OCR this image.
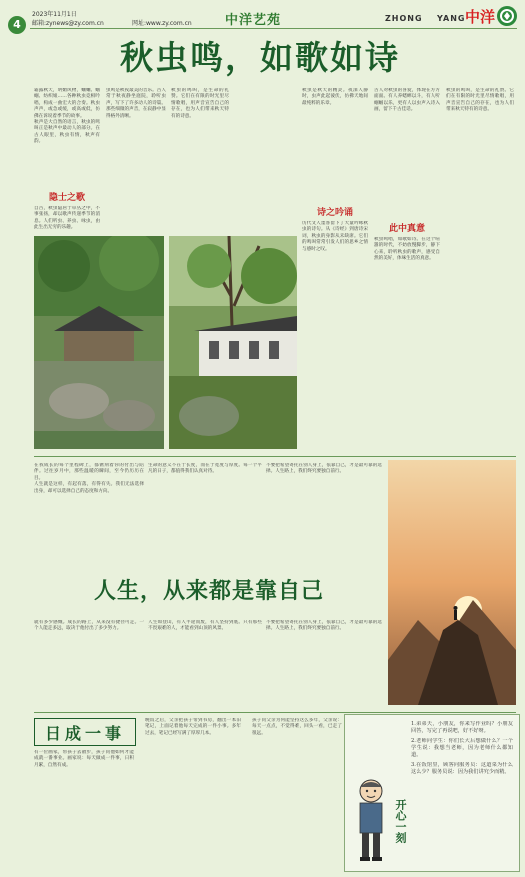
4
2023年11月1日
邮箱:zynews@zy.com.cn	网址:www.zy.com.cn	中洋艺苑	ZHONG YANG 中洋
秋虫鸣，如歌如诗

霜露秋天，明媚风物，蛐蛐、蝈蝈、纺织娘……各种秋虫竞相吟唱，构成一曲宏大的合奏。秋虫声声，或急或缓，或高或低，仿佛在诉说着季节的故事。

秋声是大自然的语言，秋虫的鸣叫正是秋声中最动人的部分。在古人眼里，秋虫有情，秋声有韵。

隐士之歌

自古，秋虫隐居于草丛之中，不事张扬，却以歌声传递季节的消息。人们听虫、养虫、咏虫，由此生出无穷的乐趣。

虫鸣是秋夜最美的音乐。古人常于秋夜静坐庭院，聆听虫声，写下了许多动人的诗篇。那些细微的声音，在寂静中显得格外清晰。

秋虫的鸣叫，是生命的礼赞。它们在有限的时光里尽情歌唱，用声音宣告自己的存在，也为人们带来秋天特有的诗意。

秋虫是秋天的精灵。夜深人静时，虫声此起彼伏，仿佛天地间最纯粹的乐章。

诗之吟诵

历代文人墨客留下了大量吟咏秋虫的诗句。从《诗经》到唐诗宋词，秋虫的身影从未缺席。它们的鸣叫常常引发人们的思乡之情与感时之叹。

古人对秋虫的喜爱，体现在方方面面。有人养蟋蟀以斗，有人听蝈蝈以乐，更有人以虫声入诗入画，留下千古佳话。

此中真意

秋虫鸣唱，如歌如诗。在这个喧嚣的时代，不妨放慢脚步，静下心来，聆听秋虫的歌声，感受自然的美好，体味生活的真意。

秋虫的鸣叫，是生命的礼赞。它们在有限的时光里尽情歌唱，用声音宣告自己的存在，也为人们带来秋天特有的诗意。

在我成长的每个里程碑上，都镌刻着你的付出与陪伴。过往岁月中，那些温暖的瞬间，至今仍历历在目。

人生就是这样，有起有落，有得有失。我们无法选择出身，却可以选择自己的态度和方向。

生命的意义不在于长度，而在于宽度与厚度。每一个平凡的日子，都值得我们认真对待。

不要把希望寄托在别人身上，依靠自己，才是最可靠的选择。人生路上，我们终究要独自前行。

人生，从来都是靠自己

就有多少感慨。成长的路上，从来没有捷径可走。一个人能走多远，取决于他付出了多少努力。

人生如登山，有人半途而废，有人坚持到底。只有那些不畏艰难的人，才能看到山顶的风景。

不要把希望寄托在别人身上，依靠自己，才是最可靠的选择。人生路上，我们终究要独自前行。

日成一事

有一位画家，带孩子去散步，孩子问他如何才能成就一番事业。画家说：每天做成一件事，日积月累，自然有成。

晚饭之后，父亲把孩子带到书房，翻出一本旧笔记，上面记着他每天完成的一件小事。多年过去，笔记已经写满了厚厚几本。

孩子问父亲为何能坚持这么多年，父亲说：每天一点点，不觉得难，回头一看，已走了很远。

开心一刻

1.弟弟天，小朋友，你来写作业吗？小朋友回答，写完了再说吧，好不好呀。

2.老师问学生：你们长大后想做什么？一个学生说：我想当老师，因为老师什么都知道。

3.在饭馆里，顾客问服务员：这道菜为什么这么少？服务员说：因为我们讲究少而精。
